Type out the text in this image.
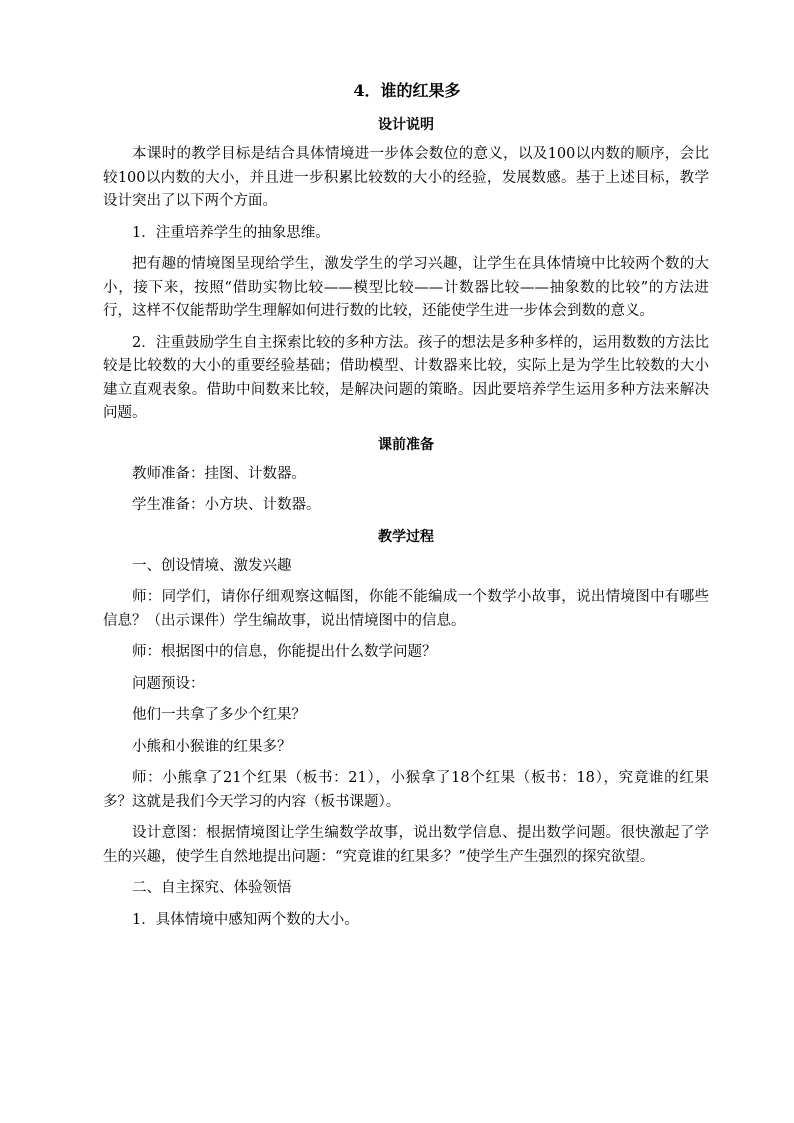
4．谁的红果多
设计说明

本课时的教学目标是结合具体情境进一步体会数位的意义，以及100以内数的顺序，会比较100以内数的大小，并且进一步积累比较数的大小的经验，发展数感。基于上述目标，教学设计突出了以下两个方面。

1．注重培养学生的抽象思维。

把有趣的情境图呈现给学生，激发学生的学习兴趣，让学生在具体情境中比较两个数的大小，接下来，按照“借助实物比较——模型比较——计数器比较——抽象数的比较”的方法进行，这样不仅能帮助学生理解如何进行数的比较，还能使学生进一步体会到数的意义。

2．注重鼓励学生自主探索比较的多种方法。孩子的想法是多种多样的，运用数数的方法比较是比较数的大小的重要经验基础；借助模型、计数器来比较，实际上是为学生比较数的大小建立直观表象。借助中间数来比较，是解决问题的策略。因此要培养学生运用多种方法来解决问题。

课前准备

教师准备：挂图、计数器。

学生准备：小方块、计数器。

教学过程

一、创设情境、激发兴趣

师：同学们，请你仔细观察这幅图，你能不能编成一个数学小故事，说出情境图中有哪些信息？（出示课件）学生编故事，说出情境图中的信息。

师：根据图中的信息，你能提出什么数学问题？

问题预设：

他们一共拿了多少个红果？

小熊和小猴谁的红果多？

师：小熊拿了21个红果（板书：21），小猴拿了18个红果（板书：18），究竟谁的红果多？这就是我们今天学习的内容（板书课题）。

设计意图：根据情境图让学生编数学故事，说出数学信息、提出数学问题。很快激起了学生的兴趣，使学生自然地提出问题：“究竟谁的红果多？”使学生产生强烈的探究欲望。

二、自主探究、体验领悟

1．具体情境中感知两个数的大小。
